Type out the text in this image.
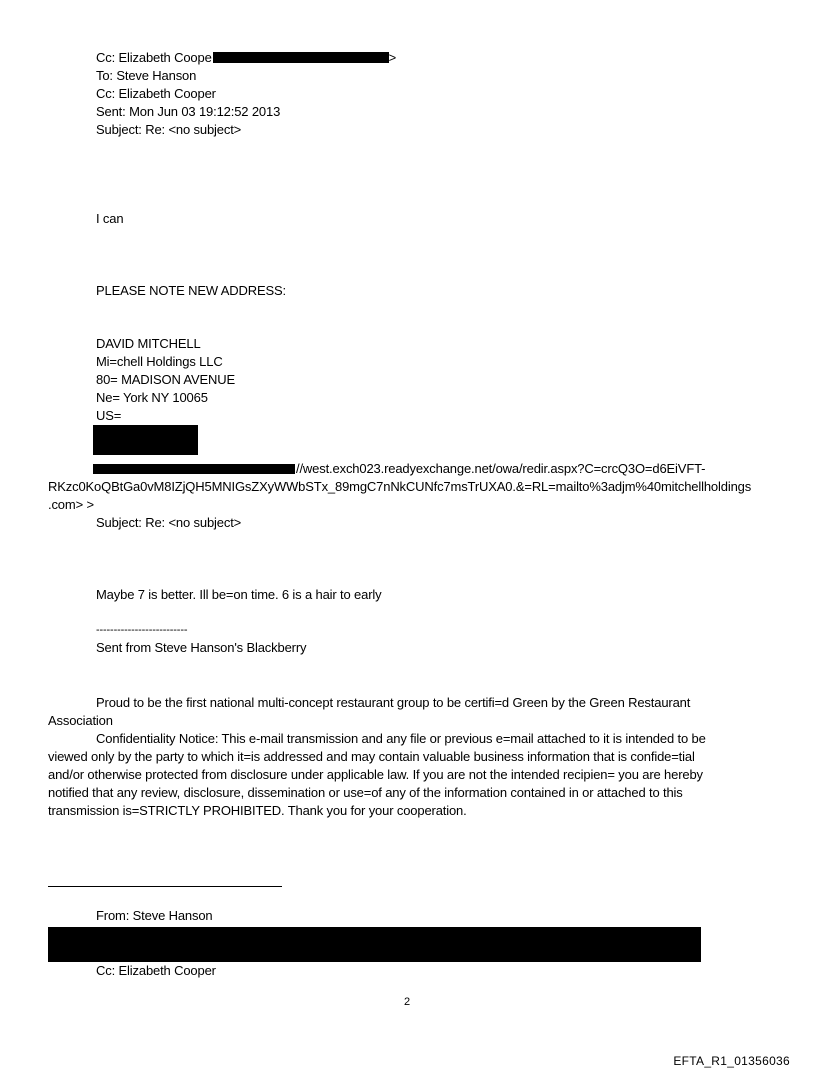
Cc: Elizabeth Coope	>
To: Steve Hanson
Cc: Elizabeth Cooper
Sent: Mon Jun 03 19:12:52 2013
Subject: Re: <no subject>
I can
PLEASE NOTE NEW ADDRESS:
DAVID MITCHELL
Mi=chell Holdings LLC
80= MADISON AVENUE
Ne= York NY 10065
US=
//west.exch023.readyexchange.net/owa/redir.aspx?C=crcQ3O=d6EiVFT-
RKzc0KoQBtGa0vM8IZjQH5MNIGsZXyWWbSTx_89mgC7nNkCUNfc7msTrUXA0.&=RL=mailto%3adjm%40mitchellholdings
.com> >
Subject: Re: <no subject>
Maybe 7 is better. Ill be=on time. 6 is a hair to early
--------------------------
Sent from Steve Hanson's Blackberry
Proud to be the first national multi-concept restaurant group to be certifi=d Green by the Green Restaurant
Association
Confidentiality Notice: This e-mail transmission and any file or previous e=mail attached to it is intended to be
viewed only by the party to which it=is addressed and may contain valuable business information that is confide=tial
and/or otherwise protected from disclosure under applicable law. If you are not the intended recipien= you are hereby
notified that any review, disclosure, dissemination or use=of any of the information contained in or attached to this
transmission is=STRICTLY PROHIBITED. Thank you for your cooperation.
From: Steve Hanson
Cc: Elizabeth Cooper
2
EFTA_R1_01356036
